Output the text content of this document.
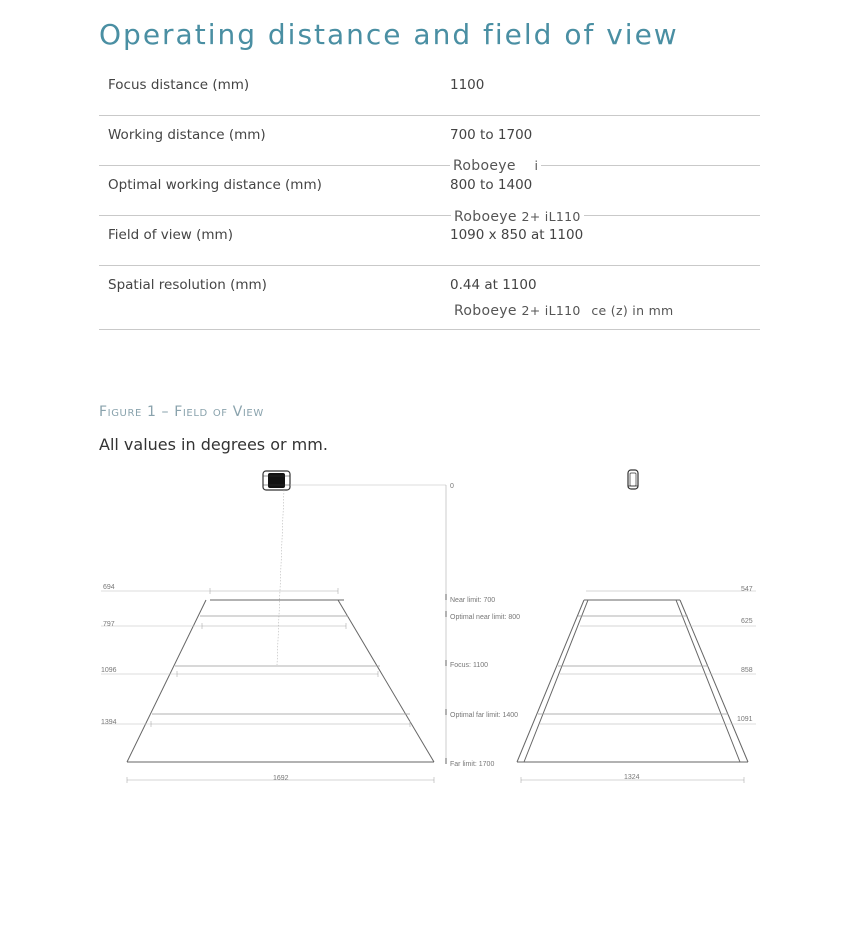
Operating distance and field of view
Focus distance (mm)	1100
Working distance (mm)	700 to 1700
Optimal working distance (mm)	800 to 1400
Field of view (mm)	1090 x 850 at 1100
Spatial resolution (mm)	0.44 at 1100
Roboeye i
Roboeye 2+ iL110
Roboeye 2+ iL110 ce (z) in mm
Figure 1 – Field of View
All values in degrees or mm.
0
694
797
1096
1394
1692
Near limit: 700
Optimal near limit: 800
Focus: 1100
Optimal far limit: 1400
Far limit: 1700
547
625
858
1091
1324
